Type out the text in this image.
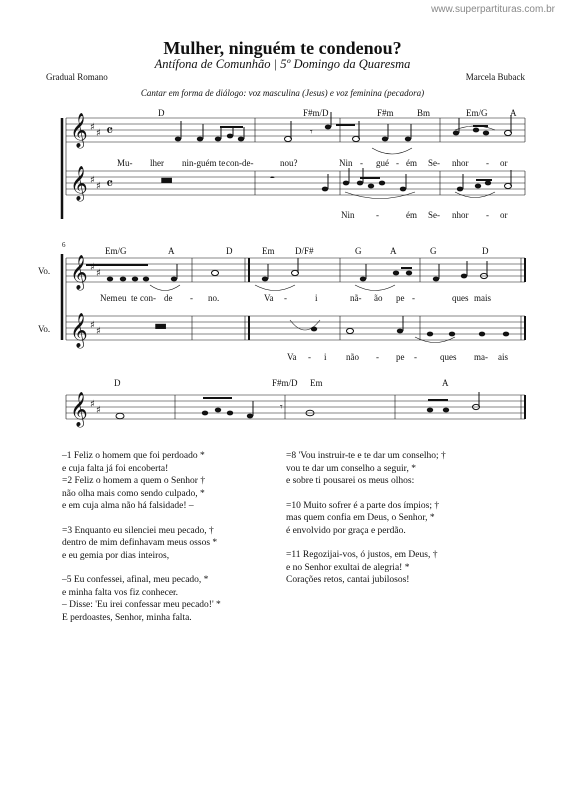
www.superpartituras.com.br
Mulher, ninguém te condenou?
Antífona de Comunhão | 5º Domingo da Quaresma
Gradual Romano	Marcela Buback
Cantar em forma de diálogo: voz masculina (Jesus) e voz feminina (pecadora)
𝄞 ♯
♯ 𝄴
𝄞 ♯
♯ 𝄴
𝄾
▬	𝄼
𝄞 ♯
♯
𝄞 ♯
♯	▬
𝄞 ♯
♯	𝄾
D	F#m/D	F#m	Bm	Em/G	A
Mu- lher nin-guém te con-de-	nou?	Nin - gué - ém Se- nhor - or
Nin -	ém Se- nhor - or
6
Vo.
Vo.
Em/G	A	D	Em D/F#	G	A	G	D
Nem eu te con- de - no.	Va -	i	nã- ão pe -	ques mais
Va - i não - pe -	ques ma- ais
D	F#m/D Em	A
–1 Feliz o homem que foi perdoado *
e cuja falta já foi encoberta!
=2 Feliz o homem a quem o Senhor †
não olha mais como sendo culpado, *
e em cuja alma não há falsidade! –
=3 Enquanto eu silenciei meu pecado, †
dentro de mim definhavam meus ossos *
e eu gemia por dias inteiros,
–5 Eu confessei, afinal, meu pecado, *
e minha falta vos fiz conhecer.
– Disse: 'Eu irei confessar meu pecado!' *
E perdoastes, Senhor, minha falta.
=8 'Vou instruir-te e te dar um conselho; †
vou te dar um conselho a seguir, *
e sobre ti pousarei os meus olhos:
=10 Muito sofrer é a parte dos ímpios; †
mas quem confia em Deus, o Senhor, *
é envolvido por graça e perdão.
=11 Regozijai-vos, ó justos, em Deus, †
e no Senhor exultai de alegria! *
Corações retos, cantai jubilosos!
